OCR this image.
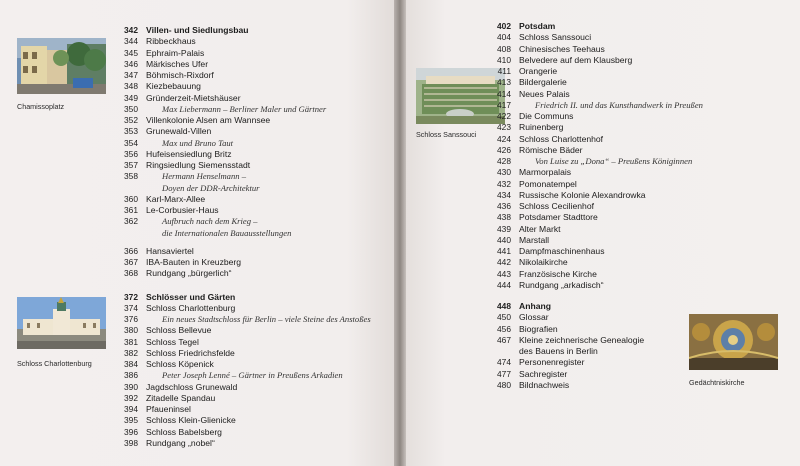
Chamissoplatz
Schloss Charlottenburg
342 Villen- und Siedlungsbau
344 Ribbeckhaus
345 Ephraim-Palais
346 Märkisches Ufer
347 Böhmisch-Rixdorf
348 Kiezbebauung
349 Gründerzeit-Mietshäuser
350	Max Liebermann – Berliner Maler und Gärtner
352 Villenkolonie Alsen am Wannsee
353 Grunewald-Villen
354	Max und Bruno Taut
356 Hufeisensiedlung Britz
357 Ringsiedlung Siemensstadt
358	Hermann Henselmann –
Doyen der DDR-Architektur
360 Karl-Marx-Allee
361 Le-Corbusier-Haus
362	Aufbruch nach dem Krieg –
die Internationalen Bauausstellungen
366 Hansaviertel
367 IBA-Bauten in Kreuzberg
368 Rundgang „bürgerlich“
372 Schlösser und Gärten
374 Schloss Charlottenburg
376	Ein neues Stadtschloss für Berlin – viele Steine des Anstoßes
380 Schloss Bellevue
381 Schloss Tegel
382 Schloss Friedrichsfelde
384 Schloss Köpenick
386	Peter Joseph Lenné – Gärtner in Preußens Arkadien
390 Jagdschloss Grunewald
392 Zitadelle Spandau
394 Pfaueninsel
395 Schloss Klein-Glienicke
396 Schloss Babelsberg
398 Rundgang „nobel“
Schloss Sanssouci
Gedächtniskirche
402 Potsdam
404 Schloss Sanssouci
408 Chinesisches Teehaus
410 Belvedere auf dem Klausberg
411 Orangerie
413 Bildergalerie
414 Neues Palais
417	Friedrich II. und das Kunsthandwerk in Preußen
422 Die Communs
423 Ruinenberg
424 Schloss Charlottenhof
426 Römische Bäder
428	Von Luise zu „Dona“ – Preußens Königinnen
430 Marmorpalais
432 Pomonatempel
434 Russische Kolonie Alexandrowka
436 Schloss Cecilienhof
438 Potsdamer Stadttore
439 Alter Markt
440 Marstall
441 Dampfmaschinenhaus
442 Nikolaikirche
443 Französische Kirche
444 Rundgang „arkadisch“
448 Anhang
450 Glossar
456 Biografien
467 Kleine zeichnerische Genealogie
des Bauens in Berlin
474 Personenregister
477 Sachregister
480 Bildnachweis
